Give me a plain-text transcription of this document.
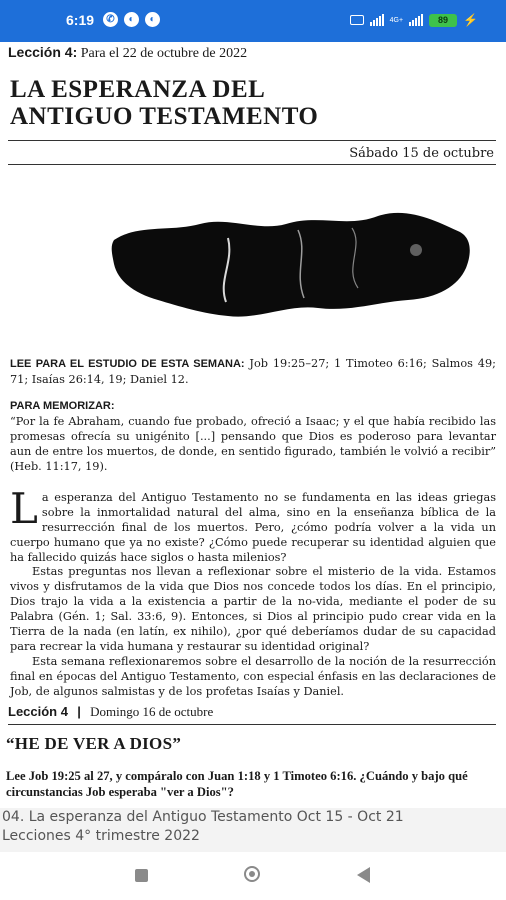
6:19	✆	◐	◐	4G+	89	⚡
Lección 4: Para el 22 de octubre de 2022
LA ESPERANZA DEL
ANTIGUO TESTAMENTO
Sábado 15 de octubre

LEE PARA EL ESTUDIO DE ESTA SEMANA: Job 19:25–27; 1 Timoteo 6:16; Salmos 49; 71; Isaías 26:14, 19; Daniel 12.

PARA MEMORIZAR:

“Por la fe Abraham, cuando fue probado, ofreció a Isaac; y el que había recibido las promesas ofrecía su unigénito [...] pensando que Dios es poderoso para levantar aun de entre los muertos, de donde, en sentido figurado, también le volvió a recibir” (Heb. 11:17, 19).

La esperanza del Antiguo Testamento no se fundamenta en las ideas griegas sobre la inmortalidad natural del alma, sino en la enseñanza bíblica de la resurrección final de los muertos. Pero, ¿cómo podría volver a la vida un cuerpo humano que ya no existe? ¿Cómo puede recuperar su identidad alguien que ha fallecido quizás hace siglos o hasta milenios?

Estas preguntas nos llevan a reflexionar sobre el misterio de la vida. Estamos vivos y disfrutamos de la vida que Dios nos concede todos los días. En el principio, Dios trajo la vida a la existencia a partir de la no-vida, mediante el poder de su Palabra (Gén. 1; Sal. 33:6, 9). Entonces, si Dios al principio pudo crear vida en la Tierra de la nada (en latín, ex nihilo), ¿por qué deberíamos dudar de su capacidad para recrear la vida humana y restaurar su identidad original?

Esta semana reflexionaremos sobre el desarrollo de la noción de la resurrección final en épocas del Antiguo Testamento, con especial énfasis en las declaraciones de Job, de algunos salmistas y de los profetas Isaías y Daniel.

Lección 4 | Domingo 16 de octubre
“HE DE VER A DIOS”

Lee Job 19:25 al 27, y compáralo con Juan 1:18 y 1 Timoteo 6:16. ¿Cuándo y bajo qué circunstancias Job esperaba "ver a Dios"?

04. La esperanza del Antiguo Testamento Oct 15 - Oct 21
Lecciones 4° trimestre 2022
